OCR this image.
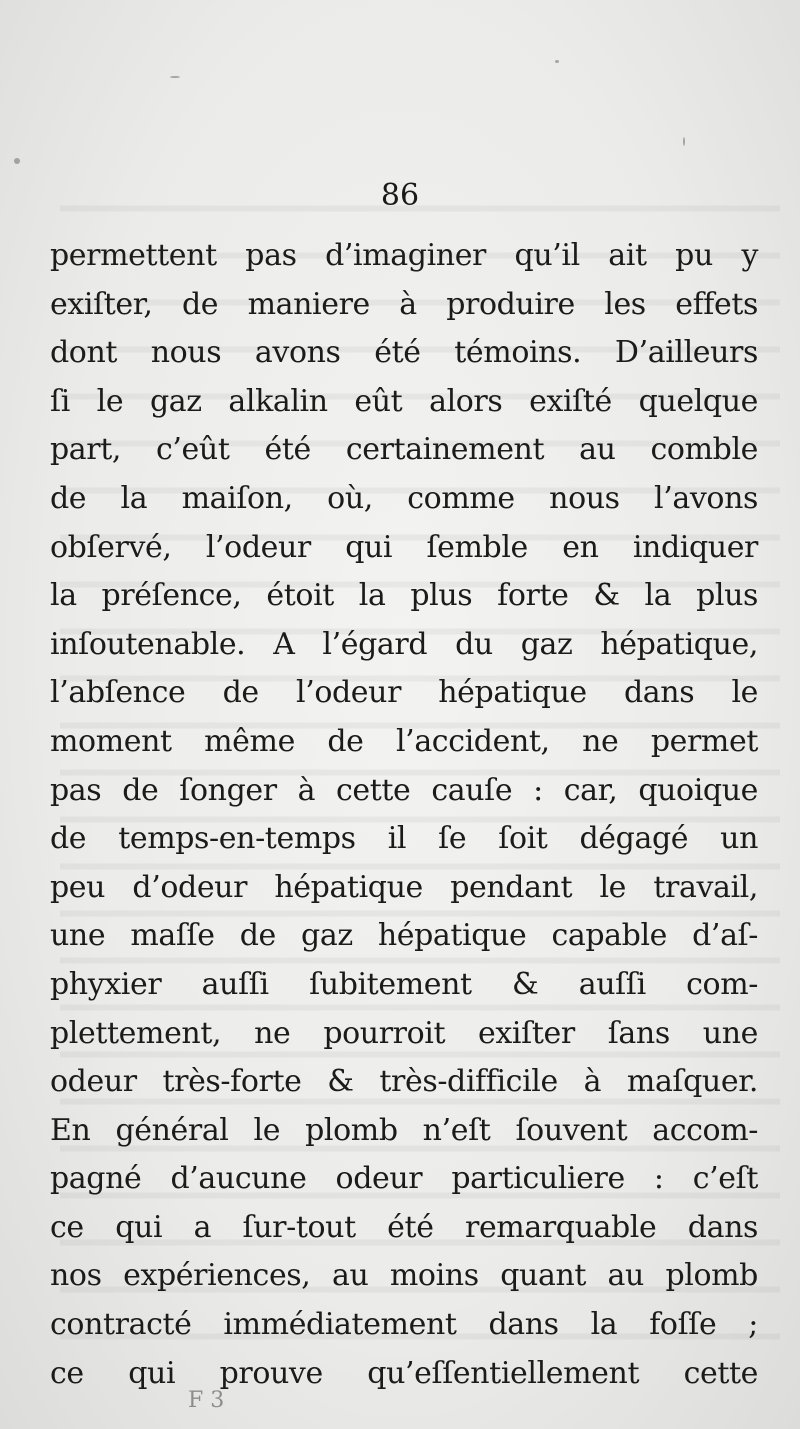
86
permettent pas d’imaginer qu’il ait pu y
exiſter, de maniere à produire les effets
dont nous avons été témoins. D’ailleurs
ſi le gaz alkalin eût alors exiſté quelque
part, c’eût été certainement au comble
de la maiſon, où, comme nous l’avons
obſervé, l’odeur qui ſemble en indiquer
la préſence, étoit la plus forte & la plus
inſoutenable. A l’égard du gaz hépatique,
l’abſence de l’odeur hépatique dans le
moment même de l’accident, ne permet
pas de ſonger à cette cauſe : car, quoique
de temps-en-temps il ſe ſoit dégagé un
peu d’odeur hépatique pendant le travail,
une maſſe de gaz hépatique capable d’aſ-
phyxier auſſi ſubitement & auſſi com-
plettement, ne pourroit exiſter ſans une
odeur très-forte & très-difficile à maſquer.
En général le plomb n’eſt ſouvent accom-
pagné d’aucune odeur particuliere : c’eſt
ce qui a ſur-tout été remarquable dans
nos expériences, au moins quant au plomb
contracté immédiatement dans la foſſe ;
ce qui prouve qu’eſſentiellement cette
F 3
